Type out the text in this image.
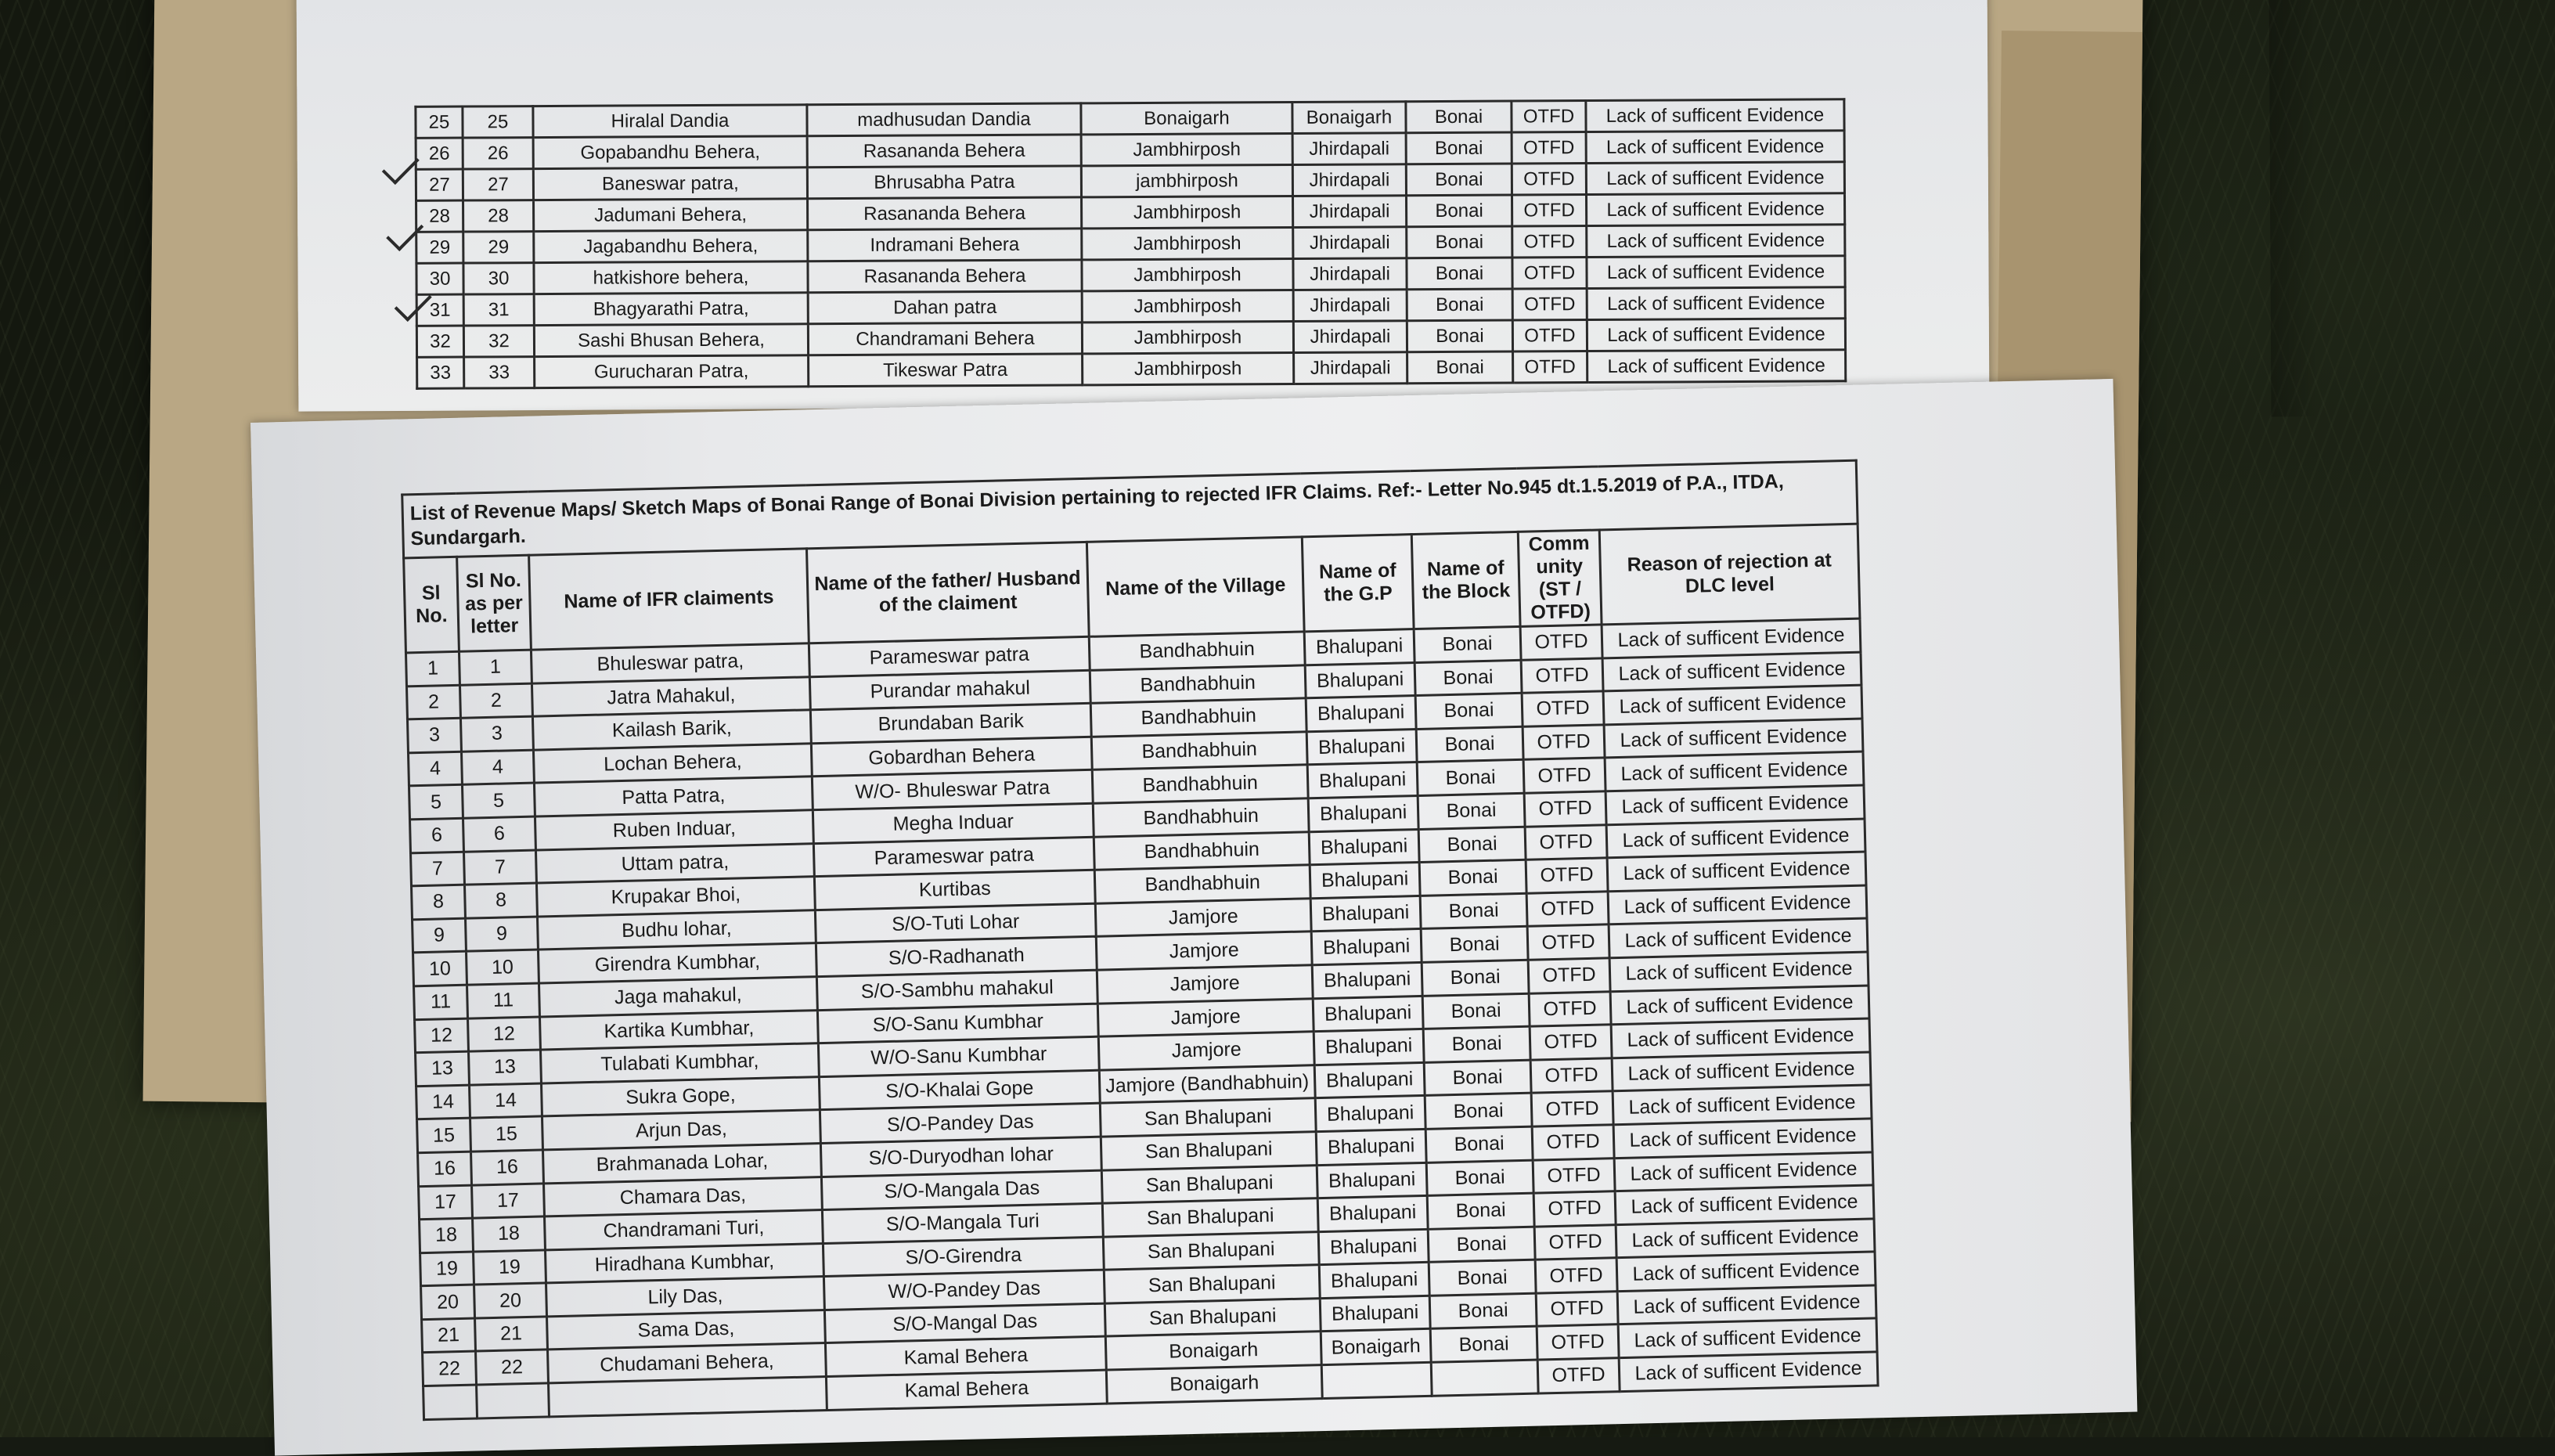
25	25	Hiralal Dandia	madhusudan Dandia	Bonaigarh	Bonaigarh	Bonai	OTFD	Lack of sufficent Evidence
26	26	Gopabandhu Behera,	Rasananda Behera	Jambhirposh	Jhirdapali	Bonai	OTFD	Lack of sufficent Evidence
27	27	Baneswar patra,	Bhrusabha Patra	jambhirposh	Jhirdapali	Bonai	OTFD	Lack of sufficent Evidence
28	28	Jadumani Behera,	Rasananda Behera	Jambhirposh	Jhirdapali	Bonai	OTFD	Lack of sufficent Evidence
29	29	Jagabandhu Behera,	Indramani Behera	Jambhirposh	Jhirdapali	Bonai	OTFD	Lack of sufficent Evidence
30	30	hatkishore behera,	Rasananda Behera	Jambhirposh	Jhirdapali	Bonai	OTFD	Lack of sufficent Evidence
31	31	Bhagyarathi Patra,	Dahan patra	Jambhirposh	Jhirdapali	Bonai	OTFD	Lack of sufficent Evidence
32	32	Sashi Bhusan Behera,	Chandramani Behera	Jambhirposh	Jhirdapali	Bonai	OTFD	Lack of sufficent Evidence
33	33	Gurucharan Patra,	Tikeswar Patra	Jambhirposh	Jhirdapali	Bonai	OTFD	Lack of sufficent Evidence
List of Revenue Maps/ Sketch Maps of Bonai Range of Bonai Division pertaining to rejected IFR Claims. Ref:- Letter No.945 dt.1.5.2019 of P.A., ITDA, Sundargarh.								
Sl No.	Sl No. as per letter	Name of IFR claiments	Name of the father/ Husband of the claiment	Name of the Village	Name of the G.P	Name of the Block	Comm unity (ST / OTFD)	Reason of rejection at DLC level
1	1	Bhuleswar patra,	Parameswar patra	Bandhabhuin	Bhalupani	Bonai	OTFD	Lack of sufficent Evidence
2	2	Jatra Mahakul,	Purandar mahakul	Bandhabhuin	Bhalupani	Bonai	OTFD	Lack of sufficent Evidence
3	3	Kailash Barik,	Brundaban Barik	Bandhabhuin	Bhalupani	Bonai	OTFD	Lack of sufficent Evidence
4	4	Lochan Behera,	Gobardhan Behera	Bandhabhuin	Bhalupani	Bonai	OTFD	Lack of sufficent Evidence
5	5	Patta Patra,	W/O- Bhuleswar Patra	Bandhabhuin	Bhalupani	Bonai	OTFD	Lack of sufficent Evidence
6	6	Ruben Induar,	Megha Induar	Bandhabhuin	Bhalupani	Bonai	OTFD	Lack of sufficent Evidence
7	7	Uttam patra,	Parameswar patra	Bandhabhuin	Bhalupani	Bonai	OTFD	Lack of sufficent Evidence
8	8	Krupakar Bhoi,	Kurtibas	Bandhabhuin	Bhalupani	Bonai	OTFD	Lack of sufficent Evidence
9	9	Budhu lohar,	S/O-Tuti Lohar	Jamjore	Bhalupani	Bonai	OTFD	Lack of sufficent Evidence
10	10	Girendra Kumbhar,	S/O-Radhanath	Jamjore	Bhalupani	Bonai	OTFD	Lack of sufficent Evidence
11	11	Jaga mahakul,	S/O-Sambhu mahakul	Jamjore	Bhalupani	Bonai	OTFD	Lack of sufficent Evidence
12	12	Kartika Kumbhar,	S/O-Sanu Kumbhar	Jamjore	Bhalupani	Bonai	OTFD	Lack of sufficent Evidence
13	13	Tulabati Kumbhar,	W/O-Sanu Kumbhar	Jamjore	Bhalupani	Bonai	OTFD	Lack of sufficent Evidence
14	14	Sukra Gope,	S/O-Khalai Gope	Jamjore (Bandhabhuin)	Bhalupani	Bonai	OTFD	Lack of sufficent Evidence
15	15	Arjun Das,	S/O-Pandey Das	San Bhalupani	Bhalupani	Bonai	OTFD	Lack of sufficent Evidence
16	16	Brahmanada Lohar,	S/O-Duryodhan lohar	San Bhalupani	Bhalupani	Bonai	OTFD	Lack of sufficent Evidence
17	17	Chamara Das,	S/O-Mangala Das	San Bhalupani	Bhalupani	Bonai	OTFD	Lack of sufficent Evidence
18	18	Chandramani Turi,	S/O-Mangala Turi	San Bhalupani	Bhalupani	Bonai	OTFD	Lack of sufficent Evidence
19	19	Hiradhana Kumbhar,	S/O-Girendra	San Bhalupani	Bhalupani	Bonai	OTFD	Lack of sufficent Evidence
20	20	Lily Das,	W/O-Pandey Das	San Bhalupani	Bhalupani	Bonai	OTFD	Lack of sufficent Evidence
21	21	Sama Das,	S/O-Mangal Das	San Bhalupani	Bhalupani	Bonai	OTFD	Lack of sufficent Evidence
22	22	Chudamani Behera,	Kamal Behera	Bonaigarh	Bonaigarh	Bonai	OTFD	Lack of sufficent Evidence
			Kamal Behera	Bonaigarh			OTFD	Lack of sufficent Evidence
